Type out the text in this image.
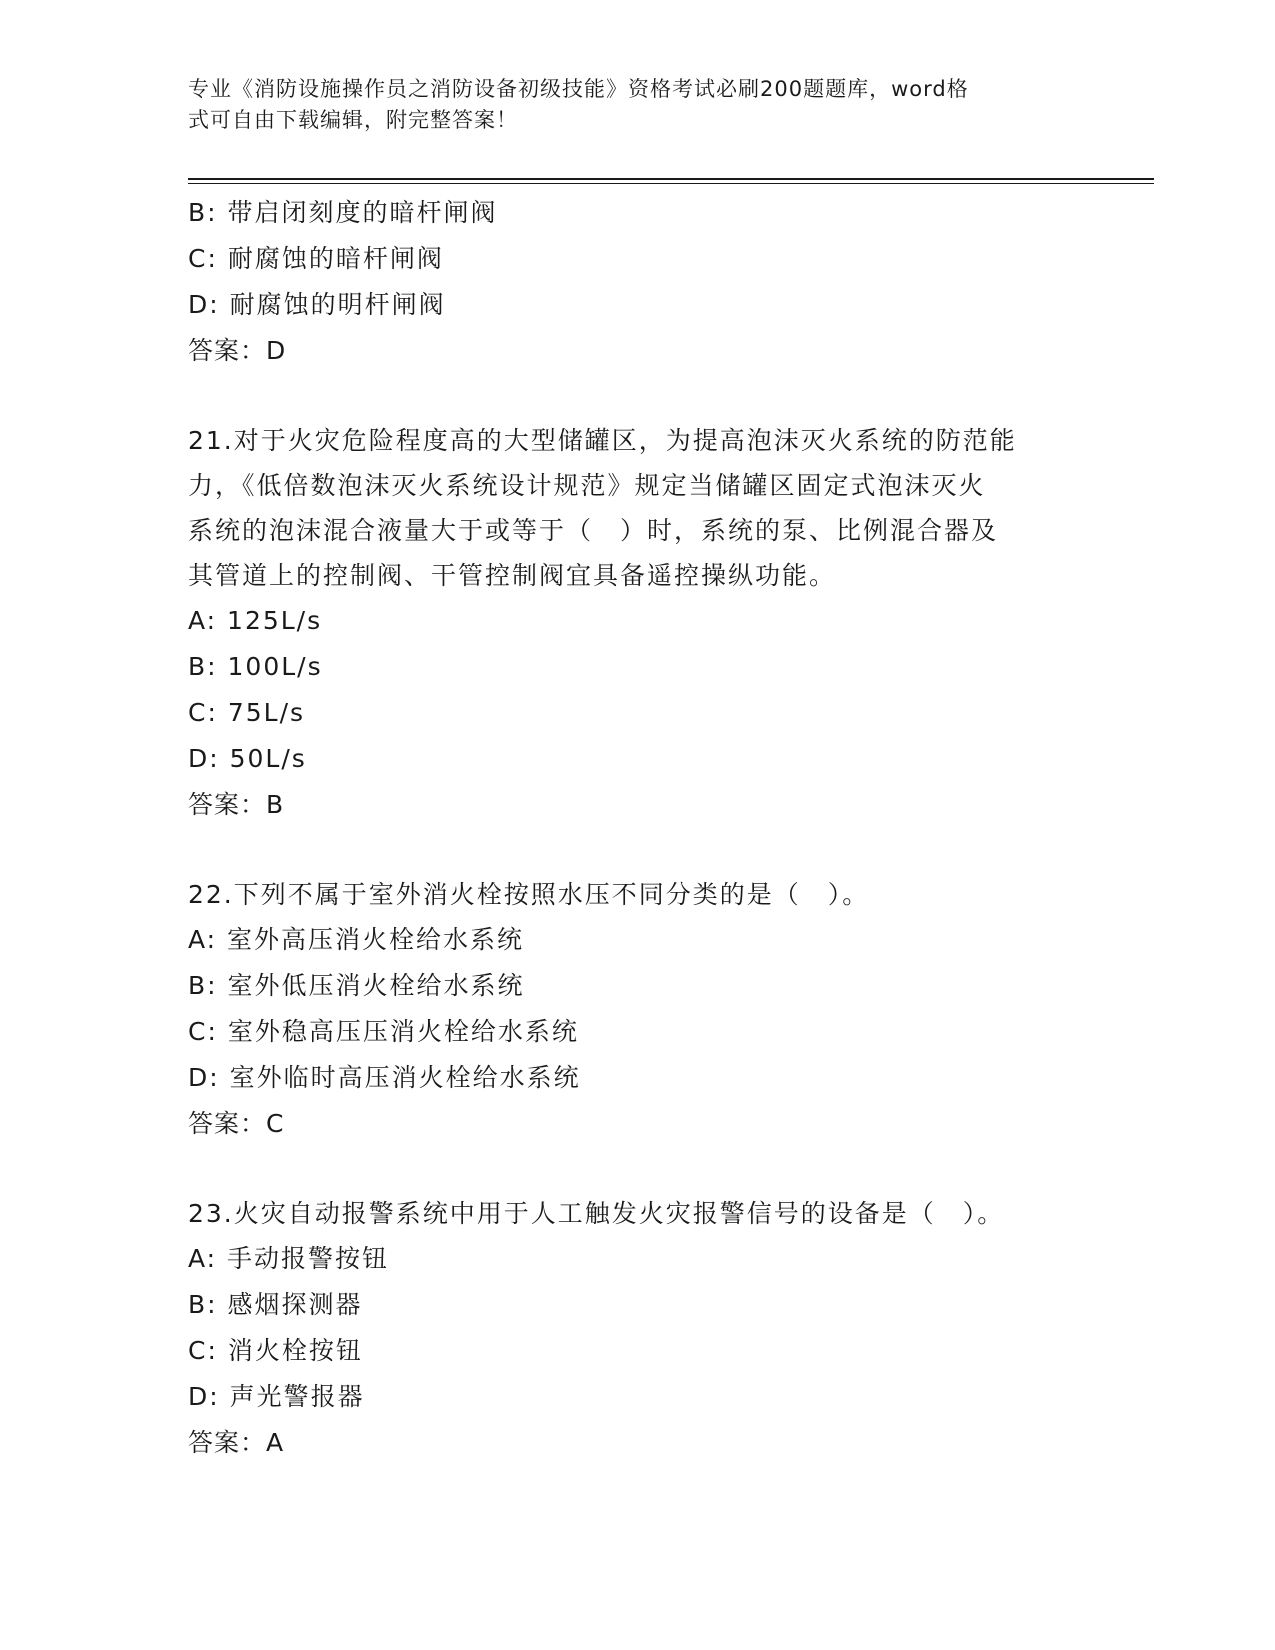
专业《消防设施操作员之消防设备初级技能》资格考试必刷200题题库，word格
式可自由下载编辑，附完整答案！
B: 带启闭刻度的暗杆闸阀
C: 耐腐蚀的暗杆闸阀
D: 耐腐蚀的明杆闸阀
答案：D
21.对于火灾危险程度高的大型储罐区，为提高泡沫灭火系统的防范能
力，《低倍数泡沫灭火系统设计规范》规定当储罐区固定式泡沫灭火
系统的泡沫混合液量大于或等于（　）时，系统的泵、比例混合器及
其管道上的控制阀、干管控制阀宜具备遥控操纵功能。
A: 125L/s
B: 100L/s
C: 75L/s
D: 50L/s
答案：B
22.下列不属于室外消火栓按照水压不同分类的是（　）。
A: 室外高压消火栓给水系统
B: 室外低压消火栓给水系统
C: 室外稳高压压消火栓给水系统
D: 室外临时高压消火栓给水系统
答案：C
23.火灾自动报警系统中用于人工触发火灾报警信号的设备是（　）。
A: 手动报警按钮
B: 感烟探测器
C: 消火栓按钮
D: 声光警报器
答案：A
